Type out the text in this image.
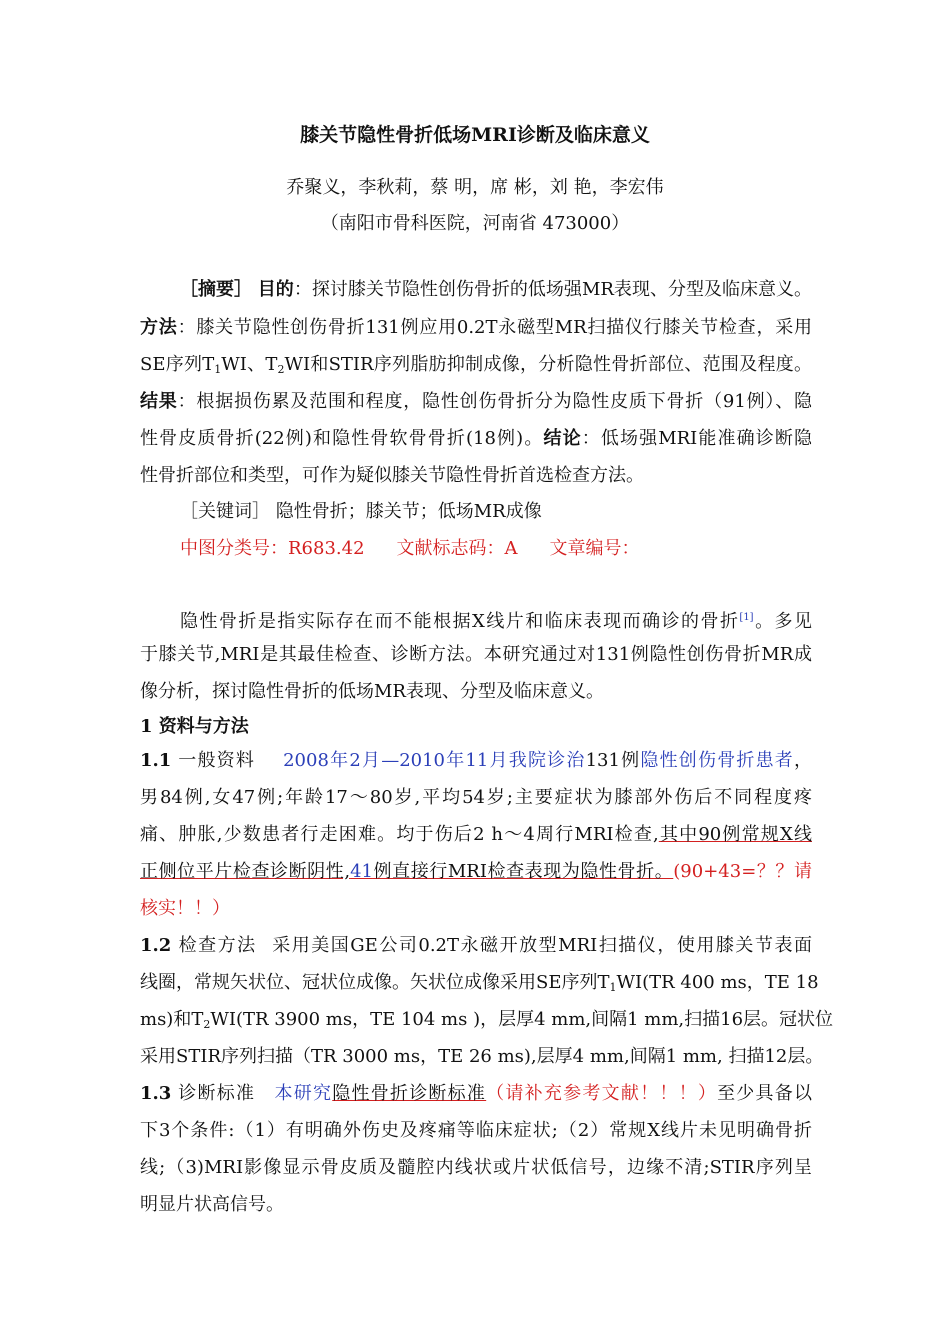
膝关节隐性骨折低场MRI诊断及临床意义
乔聚义，李秋莉，蔡 明，席 彬，刘 艳，李宏伟
（南阳市骨科医院，河南省 473000）
［摘要］ 目的：探讨膝关节隐性创伤骨折的低场强MR表现、分型及临床意义。
方法：膝关节隐性创伤骨折131例应用0.2T永磁型MR扫描仪行膝关节检查，采用
SE序列$T_1WI$、$T_2WI$和STIR序列脂肪抑制成像，分析隐性骨折部位、范围及程度。
结果：根据损伤累及范围和程度，隐性创伤骨折分为隐性皮质下骨折（91例）、隐
性骨皮质骨折(22例)和隐性骨软骨骨折(18例)。结论：低场强MRI能准确诊断隐
性骨折部位和类型，可作为疑似膝关节隐性骨折首选检查方法。
［关键词］ 隐性骨折；膝关节；低场MR成像
中图分类号：R683.42 文献标志码：A 文章编号：
隐性骨折是指实际存在而不能根据X线片和临床表现而确诊的骨折[1]。多见
于膝关节,MRI是其最佳检查、诊断方法。本研究通过对131例隐性创伤骨折MR成
像分析，探讨隐性骨折的低场MR表现、分型及临床意义。
1 资料与方法
1.1 一般资料 2008年2月—2010年11月我院诊治131例隐性创伤骨折患者，
男84例,女47例;年龄17～80岁,平均54岁;主要症状为膝部外伤后不同程度疼
痛、肿胀,少数患者行走困难。均于伤后2 h～4周行MRI检查,其中90例常规X线
正侧位平片检查诊断阴性,41例直接行MRI检查表现为隐性骨折。(90+43=？？请
核实！！）
1.2 检查方法 采用美国GE公司0.2T永磁开放型MRI扫描仪，使用膝关节表面
线圈，常规矢状位、冠状位成像。矢状位成像采用SE序列$T_1WI(TR$ 400 ms，TE 18
ms)和$T_2WI(TR$ 3900 ms，TE 104 ms )，层厚4 mm,间隔1 mm,扫描16层。冠状位
采用STIR序列扫描（TR 3000 ms，TE 26 ms),层厚4 mm,间隔1 mm, 扫描12层。
1.3 诊断标准 本研究隐性骨折诊断标准（请补充参考文献！！！）至少具备以
下3个条件:（1）有明确外伤史及疼痛等临床症状;（2）常规X线片未见明确骨折
线;（3)MRI影像显示骨皮质及髓腔内线状或片状低信号，边缘不清;STIR序列呈
明显片状高信号。
